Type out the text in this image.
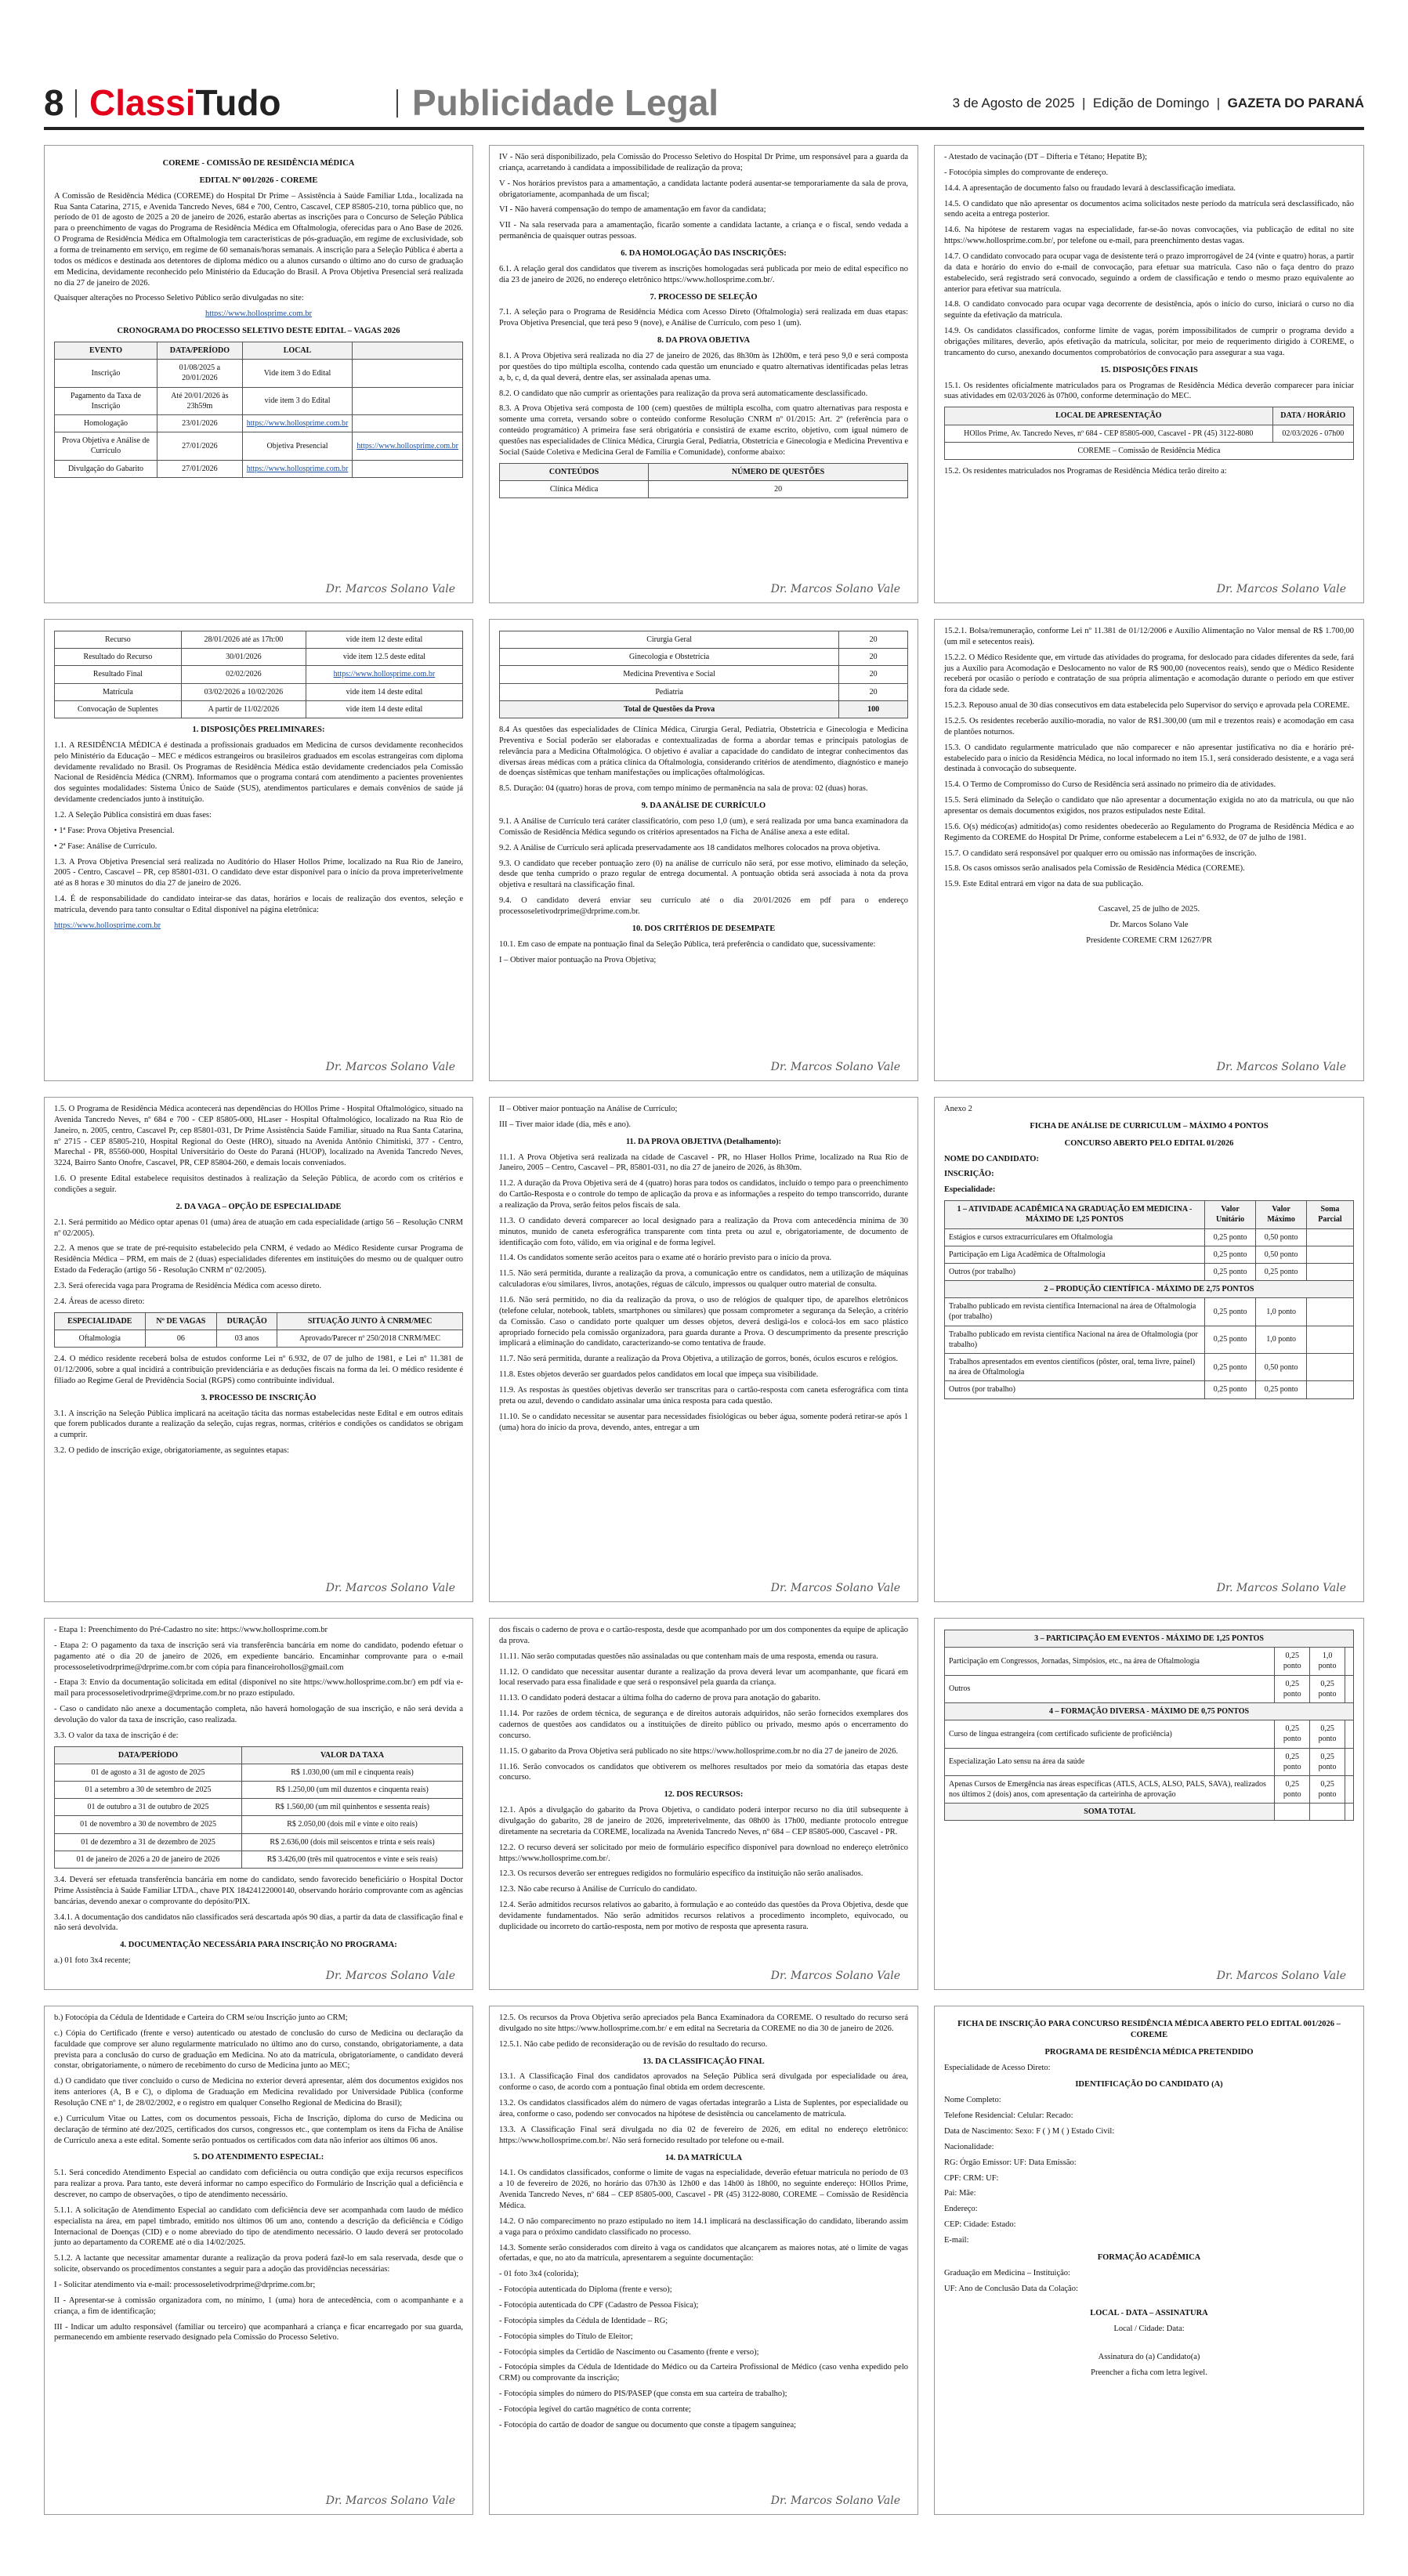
8 ClassiTudo	Publicidade Legal	3 de Agosto de 2025  |  Edição de Domingo  |  GAZETA DO PARANÁ

COREME - COMISSÃO DE RESIDÊNCIA MÉDICA

EDITAL Nº 001/2026 - COREME

A Comissão de Residência Médica (COREME) do Hospital Dr Prime – Assistência à Saúde Familiar Ltda., localizada na Rua Santa Catarina, 2715, e Avenida Tancredo Neves, 684 e 700, Centro, Cascavel, CEP 85805-210, torna público que, no período de 01 de agosto de 2025 a 20 de janeiro de 2026, estarão abertas as inscrições para o Concurso de Seleção Pública para o preenchimento de vagas do Programa de Residência Médica em Oftalmologia, oferecidas para o Ano Base de 2026. O Programa de Residência Médica em Oftalmologia tem características de pós-graduação, em regime de exclusividade, sob a forma de treinamento em serviço, em regime de 60 semanais/horas semanais. A inscrição para a Seleção Pública é aberta a todos os médicos e destinada aos detentores de diploma médico ou a alunos cursando o último ano do curso de graduação em Medicina, devidamente reconhecido pelo Ministério da Educação do Brasil. A Prova Objetiva Presencial será realizada no dia 27 de janeiro de 2026.

Quaisquer alterações no Processo Seletivo Público serão divulgadas no site:

https://www.hollosprime.com.br

CRONOGRAMA DO PROCESSO SELETIVO DESTE EDITAL – VAGAS 2026

EVENTO	DATA/PERÍODO	LOCAL	
Inscrição	01/08/2025 a 20/01/2026	Vide item 3 do Edital	
Pagamento da Taxa de Inscrição	Até 20/01/2026 às 23h59m	vide item 3 do Edital	
Homologação	23/01/2026	https://www.hollosprime.com.br	
Prova Objetiva e Análise de Currículo	27/01/2026	Objetiva Presencial	https://www.hollosprime.com.br
Divulgação do Gabarito	27/01/2026	https://www.hollosprime.com.br	
Dr. Marcos Solano Vale
Recurso	28/01/2026 até as 17h:00	vide item 12 deste edital
Resultado do Recurso	30/01/2026	vide item 12.5 deste edital
Resultado Final	02/02/2026	https://www.hollosprime.com.br
Matrícula	03/02/2026 a 10/02/2026	vide item 14 deste edital
Convocação de Suplentes	A partir de 11/02/2026	vide item 14 deste edital

1. DISPOSIÇÕES PRELIMINARES:

1.1. A RESIDÊNCIA MÉDICA é destinada a profissionais graduados em Medicina de cursos devidamente reconhecidos pelo Ministério da Educação – MEC e médicos estrangeiros ou brasileiros graduados em escolas estrangeiras com diploma devidamente revalidado no Brasil. Os Programas de Residência Médica estão devidamente credenciados pela Comissão Nacional de Residência Médica (CNRM). Informamos que o programa contará com atendimento a pacientes provenientes dos seguintes modalidades: Sistema Único de Saúde (SUS), atendimentos particulares e demais convênios de saúde já devidamente credenciados junto à instituição.

1.2. A Seleção Pública consistirá em duas fases:

• 1ª Fase: Prova Objetiva Presencial.

• 2ª Fase: Análise de Currículo.

1.3. A Prova Objetiva Presencial será realizada no Auditório do Hlaser Hollos Prime, localizado na Rua Rio de Janeiro, 2005 - Centro, Cascavel – PR, cep 85801-031. O candidato deve estar disponível para o início da prova impreterivelmente até as 8 horas e 30 minutos do dia 27 de janeiro de 2026.

1.4. É de responsabilidade do candidato inteirar-se das datas, horários e locais de realização dos eventos, seleção e matrícula, devendo para tanto consultar o Edital disponível na página eletrônica:

https://www.hollosprime.com.br

Dr. Marcos Solano Vale

1.5. O Programa de Residência Médica acontecerá nas dependências do HOllos Prime - Hospital Oftalmológico, situado na Avenida Tancredo Neves, nº 684 e 700 - CEP 85805-000, HLaser - Hospital Oftalmológico, localizado na Rua Rio de Janeiro, n. 2005, centro, Cascavel Pr, cep 85801-031, Dr Prime Assistência Saúde Familiar, situado na Rua Santa Catarina, nº 2715 - CEP 85805-210, Hospital Regional do Oeste (HRO), situado na Avenida Antônio Chimitiski, 377 - Centro, Marechal - PR, 85560-000, Hospital Universitário do Oeste do Paraná (HUOP), localizado na Avenida Tancredo Neves, 3224, Bairro Santo Onofre, Cascavel, PR, CEP 85804-260, e demais locais conveniados.

1.6. O presente Edital estabelece requisitos destinados à realização da Seleção Pública, de acordo com os critérios e condições a seguir.

2. DA VAGA – OPÇÃO DE ESPECIALIDADE

2.1. Será permitido ao Médico optar apenas 01 (uma) área de atuação em cada especialidade (artigo 56 – Resolução CNRM nº 02/2005).

2.2. A menos que se trate de pré-requisito estabelecido pela CNRM, é vedado ao Médico Residente cursar Programa de Residência Médica – PRM, em mais de 2 (duas) especialidades diferentes em instituições do mesmo ou de qualquer outro Estado da Federação (artigo 56 - Resolução CNRM nº 02/2005).

2.3. Será oferecida vaga para Programa de Residência Médica com acesso direto.

2.4. Áreas de acesso direto:

ESPECIALIDADE	Nº DE VAGAS	DURAÇÃO	SITUAÇÃO JUNTO À CNRM/MEC
Oftalmologia	06	03 anos	Aprovado/Parecer nº 250/2018 CNRM/MEC

2.4. O médico residente receberá bolsa de estudos conforme Lei nº 6.932, de 07 de julho de 1981, e Lei nº 11.381 de 01/12/2006, sobre a qual incidirá a contribuição previdenciária e as deduções fiscais na forma da lei. O médico residente é filiado ao Regime Geral de Previdência Social (RGPS) como contribuinte individual.

3. PROCESSO DE INSCRIÇÃO

3.1. A inscrição na Seleção Pública implicará na aceitação tácita das normas estabelecidas neste Edital e em outros editais que forem publicados durante a realização da seleção, cujas regras, normas, critérios e condições os candidatos se obrigam a cumprir.

3.2. O pedido de inscrição exige, obrigatoriamente, as seguintes etapas:

Dr. Marcos Solano Vale

- Etapa 1: Preenchimento do Pré-Cadastro no site: https://www.hollosprime.com.br

- Etapa 2: O pagamento da taxa de inscrição será via transferência bancária em nome do candidato, podendo efetuar o pagamento até o dia 20 de janeiro de 2026, em expediente bancário. Encaminhar comprovante para o e-mail processoseletivodrprime@drprime.com.br com cópia para financeirohollos@gmail.com

- Etapa 3: Envio da documentação solicitada em edital (disponível no site https://www.hollosprime.com.br/) em pdf via e-mail para processoseletivodrprime@drprime.com.br no prazo estipulado.

- Caso o candidato não anexe a documentação completa, não haverá homologação de sua inscrição, e não será devida a devolução do valor da taxa de inscrição, caso realizada.

3.3. O valor da taxa de inscrição é de:

DATA/PERÍODO	VALOR DA TAXA
01 de agosto a 31 de agosto de 2025	R$ 1.030,00 (um mil e cinquenta reais)
01 a setembro a 30 de setembro de 2025	R$ 1.250,00 (um mil duzentos e cinquenta reais)
01 de outubro a 31 de outubro de 2025	R$ 1.560,00 (um mil quinhentos e sessenta reais)
01 de novembro a 30 de novembro de 2025	R$ 2.050,00 (dois mil e vinte e oito reais)
01 de dezembro a 31 de dezembro de 2025	R$ 2.636,00 (dois mil seiscentos e trinta e seis reais)
01 de janeiro de 2026 a 20 de janeiro de 2026	R$ 3.426,00 (três mil quatrocentos e vinte e seis reais)

3.4. Deverá ser efetuada transferência bancária em nome do candidato, sendo favorecido beneficiário o Hospital Doctor Prime Assistência à Saúde Familiar LTDA., chave PIX 18424122000140, observando horário comprovante com as agências bancárias, devendo anexar o comprovante do depósito/PIX.

3.4.1. A documentação dos candidatos não classificados será descartada após 90 dias, a partir da data de classificação final e não será devolvida.

4. DOCUMENTAÇÃO NECESSÁRIA PARA INSCRIÇÃO NO PROGRAMA:

a.) 01 foto 3x4 recente;

Dr. Marcos Solano Vale

b.) Fotocópia da Cédula de Identidade e Carteira do CRM se/ou Inscrição junto ao CRM;

c.) Cópia do Certificado (frente e verso) autenticado ou atestado de conclusão do curso de Medicina ou declaração da faculdade que comprove ser aluno regularmente matriculado no último ano do curso, constando, obrigatoriamente, a data prevista para a conclusão do curso de graduação em Medicina. No ato da matrícula, obrigatoriamente, o candidato deverá constar, obrigatoriamente, o número de recebimento do curso de Medicina junto ao MEC;

d.) O candidato que tiver concluído o curso de Medicina no exterior deverá apresentar, além dos documentos exigidos nos itens anteriores (A, B e C), o diploma de Graduação em Medicina revalidado por Universidade Pública (conforme Resolução CNE nº 1, de 28/02/2002, e o registro em qualquer Conselho Regional de Medicina do Brasil);

e.) Curriculum Vitae ou Lattes, com os documentos pessoais, Ficha de Inscrição, diploma do curso de Medicina ou declaração de término até dez/2025, certificados dos cursos, congressos etc., que contemplam os itens da Ficha de Análise de Currículo anexa a este edital. Somente serão pontuados os certificados com data não inferior aos últimos 06 anos.

5. DO ATENDIMENTO ESPECIAL:

5.1. Será concedido Atendimento Especial ao candidato com deficiência ou outra condição que exija recursos específicos para realizar a prova. Para tanto, este deverá informar no campo específico do Formulário de Inscrição qual a deficiência e descrever, no campo de observações, o tipo de atendimento necessário.

5.1.1. A solicitação de Atendimento Especial ao candidato com deficiência deve ser acompanhada com laudo de médico especialista na área, em papel timbrado, emitido nos últimos 06 um ano, contendo a descrição da deficiência e Código Internacional de Doenças (CID) e o nome abreviado do tipo de atendimento necessário. O laudo deverá ser protocolado junto ao departamento da COREME até o dia 14/02/2025.

5.1.2. A lactante que necessitar amamentar durante a realização da prova poderá fazê-lo em sala reservada, desde que o solicite, observando os procedimentos constantes a seguir para a adoção das providências necessárias:

I - Solicitar atendimento via e-mail: processoseletivodrprime@drprime.com.br;

II - Apresentar-se à comissão organizadora com, no mínimo, 1 (uma) hora de antecedência, com o acompanhante e a criança, a fim de identificação;

III - Indicar um adulto responsável (familiar ou terceiro) que acompanhará a criança e ficar encarregado por sua guarda, permanecendo em ambiente reservado designado pela Comissão do Processo Seletivo.

Dr. Marcos Solano Vale

IV - Não será disponibilizado, pela Comissão do Processo Seletivo do Hospital Dr Prime, um responsável para a guarda da criança, acarretando à candidata a impossibilidade de realização da prova;

V - Nos horários previstos para a amamentação, a candidata lactante poderá ausentar-se temporariamente da sala de prova, obrigatoriamente, acompanhada de um fiscal;

VI - Não haverá compensação do tempo de amamentação em favor da candidata;

VII - Na sala reservada para a amamentação, ficarão somente a candidata lactante, a criança e o fiscal, sendo vedada a permanência de quaisquer outras pessoas.

6. DA HOMOLOGAÇÃO DAS INSCRIÇÕES:

6.1. A relação geral dos candidatos que tiverem as inscrições homologadas será publicada por meio de edital específico no dia 23 de janeiro de 2026, no endereço eletrônico https://www.hollosprime.com.br/.

7. PROCESSO DE SELEÇÃO

7.1. A seleção para o Programa de Residência Médica com Acesso Direto (Oftalmologia) será realizada em duas etapas: Prova Objetiva Presencial, que terá peso 9 (nove), e Análise de Currículo, com peso 1 (um).

8. DA PROVA OBJETIVA

8.1. A Prova Objetiva será realizada no dia 27 de janeiro de 2026, das 8h30m às 12h00m, e terá peso 9,0 e será composta por questões do tipo múltipla escolha, contendo cada questão um enunciado e quatro alternativas identificadas pelas letras a, b, c, d, da qual deverá, dentre elas, ser assinalada apenas uma.

8.2. O candidato que não cumprir as orientações para realização da prova será automaticamente desclassificado.

8.3. A Prova Objetiva será composta de 100 (cem) questões de múltipla escolha, com quatro alternativas para resposta e somente uma correta, versando sobre o conteúdo conforme Resolução CNRM nº 01/2015: Art. 2º (referência para o conteúdo programático) A primeira fase será obrigatória e consistirá de exame escrito, objetivo, com igual número de questões nas especialidades de Clínica Médica, Cirurgia Geral, Pediatria, Obstetrícia e Ginecologia e Medicina Preventiva e Social (Saúde Coletiva e Medicina Geral de Família e Comunidade), conforme abaixo:

CONTEÚDOS	NÚMERO DE QUESTÕES
Clínica Médica	20
Dr. Marcos Solano Vale
Cirurgia Geral	20
Ginecologia e Obstetrícia	20
Medicina Preventiva e Social	20
Pediatria	20
Total de Questões da Prova	100

8.4 As questões das especialidades de Clínica Médica, Cirurgia Geral, Pediatria, Obstetrícia e Ginecologia e Medicina Preventiva e Social poderão ser elaboradas e contextualizadas de forma a abordar temas e principais patologias de relevância para a Medicina Oftalmológica. O objetivo é avaliar a capacidade do candidato de integrar conhecimentos das diversas áreas médicas com a prática clínica da Oftalmologia, considerando critérios de atendimento, diagnóstico e manejo de doenças sistêmicas que tenham manifestações ou implicações oftalmológicas.

8.5. Duração: 04 (quatro) horas de prova, com tempo mínimo de permanência na sala de prova: 02 (duas) horas.

9. DA ANÁLISE DE CURRÍCULO

9.1. A Análise de Currículo terá caráter classificatório, com peso 1,0 (um), e será realizada por uma banca examinadora da Comissão de Residência Médica segundo os critérios apresentados na Ficha de Análise anexa a este edital.

9.2. A Análise de Currículo será aplicada preservadamente aos 18 candidatos melhores colocados na prova objetiva.

9.3. O candidato que receber pontuação zero (0) na análise de currículo não será, por esse motivo, eliminado da seleção, desde que tenha cumprido o prazo regular de entrega documental. A pontuação obtida será associada à nota da prova objetiva e resultará na classificação final.

9.4. O candidato deverá enviar seu currículo até o dia 20/01/2026 em pdf para o endereço processoseletivodrprime@drprime.com.br.

10. DOS CRITÉRIOS DE DESEMPATE

10.1. Em caso de empate na pontuação final da Seleção Pública, terá preferência o candidato que, sucessivamente:

I – Obtiver maior pontuação na Prova Objetiva;

Dr. Marcos Solano Vale

II – Obtiver maior pontuação na Análise de Currículo;

III – Tiver maior idade (dia, mês e ano).

11. DA PROVA OBJETIVA (Detalhamento):

11.1. A Prova Objetiva será realizada na cidade de Cascavel - PR, no Hlaser Hollos Prime, localizado na Rua Rio de Janeiro, 2005 – Centro, Cascavel – PR, 85801-031, no dia 27 de janeiro de 2026, às 8h30m.

11.2. A duração da Prova Objetiva será de 4 (quatro) horas para todos os candidatos, incluído o tempo para o preenchimento do Cartão-Resposta e o controle do tempo de aplicação da prova e as informações a respeito do tempo transcorrido, durante a realização da Prova, serão feitos pelos fiscais de sala.

11.3. O candidato deverá comparecer ao local designado para a realização da Prova com antecedência mínima de 30 minutos, munido de caneta esferográfica transparente com tinta preta ou azul e, obrigatoriamente, de documento de identificação com foto, válido, em via original e de forma legível.

11.4. Os candidatos somente serão aceitos para o exame até o horário previsto para o início da prova.

11.5. Não será permitida, durante a realização da prova, a comunicação entre os candidatos, nem a utilização de máquinas calculadoras e/ou similares, livros, anotações, réguas de cálculo, impressos ou qualquer outro material de consulta.

11.6. Não será permitido, no dia da realização da prova, o uso de relógios de qualquer tipo, de aparelhos eletrônicos (telefone celular, notebook, tablets, smartphones ou similares) que possam comprometer a segurança da Seleção, a critério da Comissão. Caso o candidato porte qualquer um desses objetos, deverá desligá-los e colocá-los em saco plástico apropriado fornecido pela comissão organizadora, para guarda durante a Prova. O descumprimento da presente prescrição implicará a eliminação do candidato, caracterizando-se como tentativa de fraude.

11.7. Não será permitida, durante a realização da Prova Objetiva, a utilização de gorros, bonés, óculos escuros e relógios.

11.8. Estes objetos deverão ser guardados pelos candidatos em local que impeça sua visibilidade.

11.9. As respostas às questões objetivas deverão ser transcritas para o cartão-resposta com caneta esferográfica com tinta preta ou azul, devendo o candidato assinalar uma única resposta para cada questão.

11.10. Se o candidato necessitar se ausentar para necessidades fisiológicas ou beber água, somente poderá retirar-se após 1 (uma) hora do início da prova, devendo, antes, entregar a um

Dr. Marcos Solano Vale

dos fiscais o caderno de prova e o cartão-resposta, desde que acompanhado por um dos componentes da equipe de aplicação da prova.

11.11. Não serão computadas questões não assinaladas ou que contenham mais de uma resposta, emenda ou rasura.

11.12. O candidato que necessitar ausentar durante a realização da prova deverá levar um acompanhante, que ficará em local reservado para essa finalidade e que será o responsável pela guarda da criança.

11.13. O candidato poderá destacar a última folha do caderno de prova para anotação do gabarito.

11.14. Por razões de ordem técnica, de segurança e de direitos autorais adquiridos, não serão fornecidos exemplares dos cadernos de questões aos candidatos ou a instituições de direito público ou privado, mesmo após o encerramento do concurso.

11.15. O gabarito da Prova Objetiva será publicado no site https://www.hollosprime.com.br no dia 27 de janeiro de 2026.

11.16. Serão convocados os candidatos que obtiverem os melhores resultados por meio da somatória das etapas deste concurso.

12. DOS RECURSOS:

12.1. Após a divulgação do gabarito da Prova Objetiva, o candidato poderá interpor recurso no dia útil subsequente à divulgação do gabarito, 28 de janeiro de 2026, impreterivelmente, das 08h00 às 17h00, mediante protocolo entregue diretamente na secretaria da COREME, localizada na Avenida Tancredo Neves, nº 684 – CEP 85805-000, Cascavel - PR.

12.2. O recurso deverá ser solicitado por meio de formulário específico disponível para download no endereço eletrônico https://www.hollosprime.com.br/.

12.3. Os recursos deverão ser entregues redigidos no formulário específico da instituição não serão analisados.

12.3. Não cabe recurso à Análise de Currículo do candidato.

12.4. Serão admitidos recursos relativos ao gabarito, à formulação e ao conteúdo das questões da Prova Objetiva, desde que devidamente fundamentados. Não serão admitidos recursos relativos a procedimento incompleto, equivocado, ou duplicidade ou incorreto do cartão-resposta, nem por motivo de resposta que apresenta rasura.

Dr. Marcos Solano Vale

12.5. Os recursos da Prova Objetiva serão apreciados pela Banca Examinadora da COREME. O resultado do recurso será divulgado no site https://www.hollosprime.com.br/ e em edital na Secretaria da COREME no dia 30 de janeiro de 2026.

12.5.1. Não cabe pedido de reconsideração ou de revisão do resultado do recurso.

13. DA CLASSIFICAÇÃO FINAL

13.1. A Classificação Final dos candidatos aprovados na Seleção Pública será divulgada por especialidade ou área, conforme o caso, de acordo com a pontuação final obtida em ordem decrescente.

13.2. Os candidatos classificados além do número de vagas ofertadas integrarão a Lista de Suplentes, por especialidade ou área, conforme o caso, podendo ser convocados na hipótese de desistência ou cancelamento de matrícula.

13.3. A Classificação Final será divulgada no dia 02 de fevereiro de 2026, em edital no endereço eletrônico: https://www.hollosprime.com.br/. Não será fornecido resultado por telefone ou e-mail.

14. DA MATRÍCULA

14.1. Os candidatos classificados, conforme o limite de vagas na especialidade, deverão efetuar matrícula no período de 03 a 10 de fevereiro de 2026, no horário das 07h30 às 12h00 e das 14h00 às 18h00, no seguinte endereço: HOllos Prime, Avenida Tancredo Neves, nº 684 – CEP 85805-000, Cascavel - PR (45) 3122-8080, COREME – Comissão de Residência Médica.

14.2. O não comparecimento no prazo estipulado no item 14.1 implicará na desclassificação do candidato, liberando assim a vaga para o próximo candidato classificado no processo.

14.3. Somente serão considerados com direito à vaga os candidatos que alcançarem as maiores notas, até o limite de vagas ofertadas, e que, no ato da matrícula, apresentarem a seguinte documentação:

- 01 foto 3x4 (colorida);

- Fotocópia autenticada do Diploma (frente e verso);

- Fotocópia autenticada do CPF (Cadastro de Pessoa Física);

- Fotocópia simples da Cédula de Identidade – RG;

- Fotocópia simples do Título de Eleitor;

- Fotocópia simples da Certidão de Nascimento ou Casamento (frente e verso);

- Fotocópia simples da Cédula de Identidade do Médico ou da Carteira Profissional de Médico (caso venha expedido pelo CRM) ou comprovante da inscrição;

- Fotocópia simples do número do PIS/PASEP (que consta em sua carteira de trabalho);

- Fotocópia legível do cartão magnético de conta corrente;

- Fotocópia do cartão de doador de sangue ou documento que conste a tipagem sanguínea;

Dr. Marcos Solano Vale

- Atestado de vacinação (DT – Difteria e Tétano; Hepatite B);

- Fotocópia simples do comprovante de endereço.

14.4. A apresentação de documento falso ou fraudado levará à desclassificação imediata.

14.5. O candidato que não apresentar os documentos acima solicitados neste período da matrícula será desclassificado, não sendo aceita a entrega posterior.

14.6. Na hipótese de restarem vagas na especialidade, far-se-ão novas convocações, via publicação de edital no site https://www.hollosprime.com.br/, por telefone ou e-mail, para preenchimento destas vagas.

14.7. O candidato convocado para ocupar vaga de desistente terá o prazo improrrogável de 24 (vinte e quatro) horas, a partir da data e horário do envio do e-mail de convocação, para efetuar sua matrícula. Caso não o faça dentro do prazo estabelecido, será registrado será convocado, seguindo a ordem de classificação e tendo o mesmo prazo equivalente ao anterior para efetivar sua matrícula.

14.8. O candidato convocado para ocupar vaga decorrente de desistência, após o início do curso, iniciará o curso no dia seguinte da efetivação da matrícula.

14.9. Os candidatos classificados, conforme limite de vagas, porém impossibilitados de cumprir o programa devido a obrigações militares, deverão, após efetivação da matrícula, solicitar, por meio de requerimento dirigido à COREME, o trancamento do curso, anexando documentos comprobatórios de convocação para assegurar a sua vaga.

15. DISPOSIÇÕES FINAIS

15.1. Os residentes oficialmente matriculados para os Programas de Residência Médica deverão comparecer para iniciar suas atividades em 02/03/2026 às 07h00, conforme determinação do MEC.

LOCAL DE APRESENTAÇÃO	DATA / HORÁRIO
HOllos Prime, Av. Tancredo Neves, nº 684 - CEP 85805-000, Cascavel - PR (45) 3122-8080	02/03/2026 - 07h00
COREME – Comissão de Residência Médica	

15.2. Os residentes matriculados nos Programas de Residência Médica terão direito a:

Dr. Marcos Solano Vale

15.2.1. Bolsa/remuneração, conforme Lei nº 11.381 de 01/12/2006 e Auxílio Alimentação no Valor mensal de R$ 1.700,00 (um mil e setecentos reais).

15.2.2. O Médico Residente que, em virtude das atividades do programa, for deslocado para cidades diferentes da sede, fará jus a Auxílio para Acomodação e Deslocamento no valor de R$ 900,00 (novecentos reais), sendo que o Médico Residente receberá por ocasião o período e contratação de sua própria alimentação e acomodação durante o período em que estiver fora da cidade sede.

15.2.3. Repouso anual de 30 dias consecutivos em data estabelecida pelo Supervisor do serviço e aprovada pela COREME.

15.2.5. Os residentes receberão auxílio-moradia, no valor de R$1.300,00 (um mil e trezentos reais) e acomodação em casa de plantões noturnos.

15.3. O candidato regularmente matriculado que não comparecer e não apresentar justificativa no dia e horário pré-estabelecido para o início da Residência Médica, no local informado no item 15.1, será considerado desistente, e a vaga será destinada à convocação do subsequente.

15.4. O Termo de Compromisso do Curso de Residência será assinado no primeiro dia de atividades.

15.5. Será eliminado da Seleção o candidato que não apresentar a documentação exigida no ato da matrícula, ou que não apresentar os demais documentos exigidos, nos prazos estipulados neste Edital.

15.6. O(s) médico(as) admitido(as) como residentes obedecerão ao Regulamento do Programa de Residência Médica e ao Regimento da COREME do Hospital Dr Prime, conforme estabelecem a Lei nº 6.932, de 07 de julho de 1981.

15.7. O candidato será responsável por qualquer erro ou omissão nas informações de inscrição.

15.8. Os casos omissos serão analisados pela Comissão de Residência Médica (COREME).

15.9. Este Edital entrará em vigor na data de sua publicação.

Cascavel, 25 de julho de 2025.

Dr. Marcos Solano Vale

Presidente COREME CRM 12627/PR

Dr. Marcos Solano Vale

Anexo 2

FICHA DE ANÁLISE DE CURRICULUM – MÁXIMO 4 PONTOS

CONCURSO ABERTO PELO EDITAL 01/2026

NOME DO CANDIDATO:

INSCRIÇÃO:

Especialidade:

1 – ATIVIDADE ACADÊMICA NA GRADUAÇÃO EM MEDICINA - MÁXIMO DE 1,25 PONTOS	Valor Unitário	Valor Máximo	Soma Parcial
Estágios e cursos extracurriculares em Oftalmologia	0,25 ponto	0,50 ponto	
Participação em Liga Acadêmica de Oftalmologia	0,25 ponto	0,50 ponto	
Outros (por trabalho)	0,25 ponto	0,25 ponto	
2 – PRODUÇÃO CIENTÍFICA - MÁXIMO DE 2,75 PONTOS			
Trabalho publicado em revista científica Internacional na área de Oftalmologia (por trabalho)	0,25 ponto	1,0 ponto	
Trabalho publicado em revista científica Nacional na área de Oftalmologia (por trabalho)	0,25 ponto	1,0 ponto	
Trabalhos apresentados em eventos científicos (pôster, oral, tema livre, painel) na área de Oftalmologia	0,25 ponto	0,50 ponto	
Outros (por trabalho)	0,25 ponto	0,25 ponto	
Dr. Marcos Solano Vale
3 – PARTICIPAÇÃO EM EVENTOS - MÁXIMO DE 1,25 PONTOS			
Participação em Congressos, Jornadas, Simpósios, etc., na área de Oftalmologia	0,25 ponto	1,0 ponto	
Outros	0,25 ponto	0,25 ponto	
4 – FORMAÇÃO DIVERSA - MÁXIMO DE 0,75 PONTOS			
Curso de língua estrangeira (com certificado suficiente de proficiência)	0,25 ponto	0,25 ponto	
Especialização Lato sensu na área da saúde	0,25 ponto	0,25 ponto	
Apenas Cursos de Emergência nas áreas específicas (ATLS, ACLS, ALSO, PALS, SAVA), realizados nos últimos 2 (dois) anos, com apresentação da carteirinha de aprovação	0,25 ponto	0,25 ponto	
SOMA TOTAL			
Dr. Marcos Solano Vale

FICHA DE INSCRIÇÃO PARA CONCURSO RESIDÊNCIA MÉDICA ABERTO PELO EDITAL 001/2026 – COREME

PROGRAMA DE RESIDÊNCIA MÉDICA PRETENDIDO

Especialidade de Acesso Direto:

IDENTIFICAÇÃO DO CANDIDATO (A)

Nome Completo:

Telefone Residencial: Celular: Recado:

Data de Nascimento: Sexo: F ( ) M ( ) Estado Civil:

Nacionalidade:

RG: Órgão Emissor: UF: Data Emissão:

CPF: CRM: UF:

Pai: Mãe:

Endereço:

CEP: Cidade: Estado:

E-mail:

FORMAÇÃO ACADÊMICA

Graduação em Medicina – Instituição:

UF: Ano de Conclusão Data da Colação:

LOCAL - DATA – ASSINATURA

Local / Cidade: Data:

Assinatura do (a) Candidato(a)

Preencher a ficha com letra legível.
